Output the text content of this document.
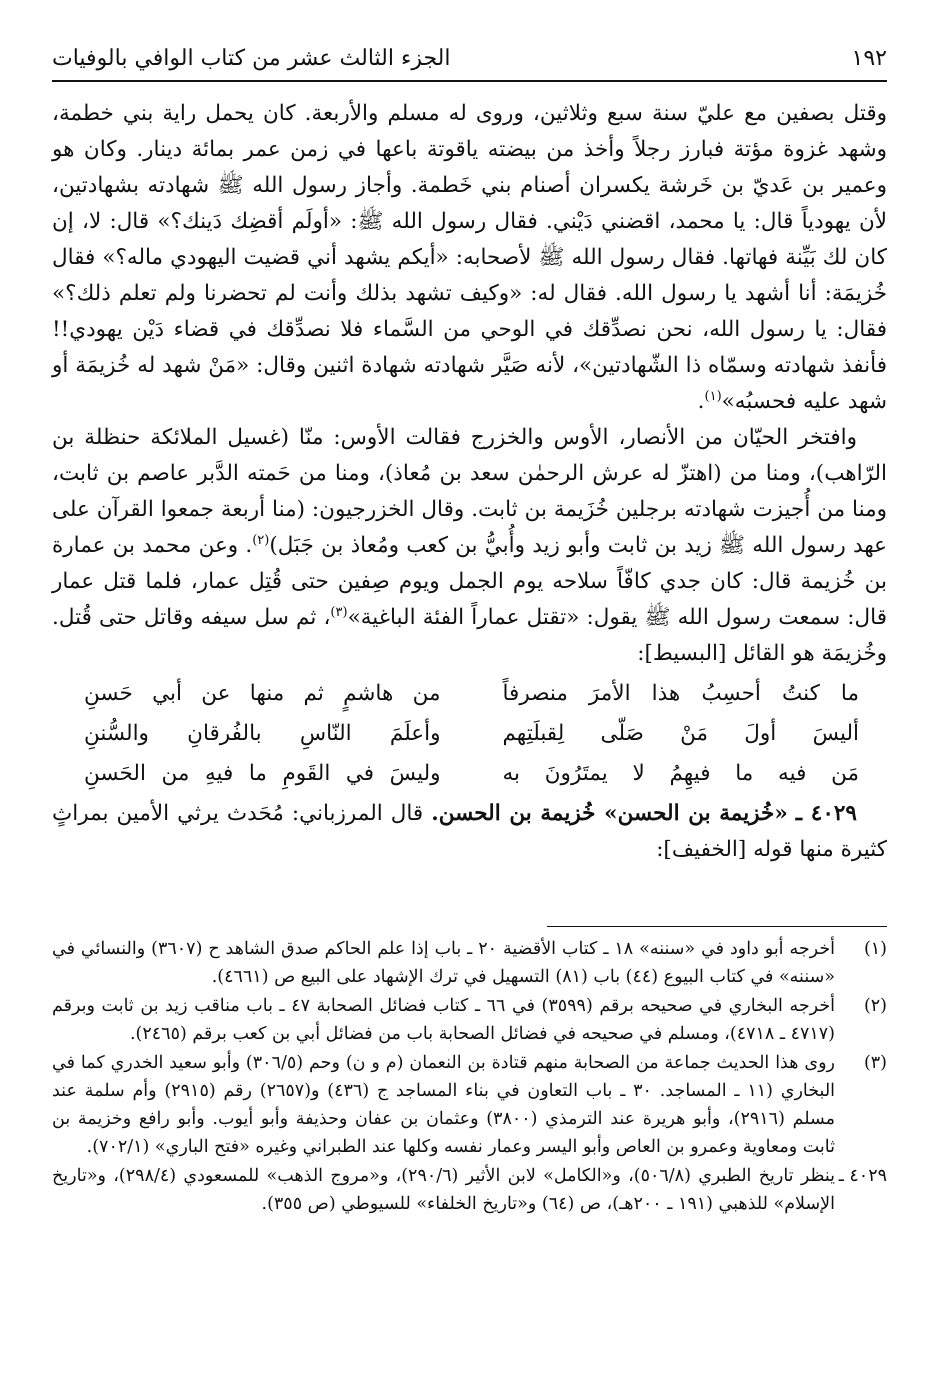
١٩٢
الجزء الثالث عشر من كتاب الوافي بالوفيات

وقتل بصفين مع عليّ سنة سبع وثلاثين، وروى له مسلم والأربعة. كان يحمل راية بني خطمة، وشهد غزوة مؤتة فبارز رجلاً وأخذ من بيضته ياقوتة باعها في زمن عمر بمائة دينار. وكان هو وعمير بن عَديّ بن خَرشة يكسران أصنام بني خَطمة. وأجاز رسول الله ﷺ شهادته بشهادتين، لأن يهودياً قال: يا محمد، اقضني دَيْني. فقال رسول الله ﷺ: «أولَم أقضِك دَينك؟» قال: لا، إن كان لك بَيِّنة فهاتها. فقال رسول الله ﷺ لأصحابه: «أيكم يشهد أني قضيت اليهودي ماله؟» فقال خُزيمَة: أنا أشهد يا رسول الله. فقال له: «وكيف تشهد بذلك وأنت لم تحضرنا ولم تعلم ذلك؟» فقال: يا رسول الله، نحن نصدِّقك في الوحي من السَّماء فلا نصدِّقك في قضاء دَيْن يهودي!! فأنفذ شهادته وسمّاه ذا الشّهادتين»، لأنه صَيَّر شهادته شهادة اثنين وقال: «مَنْ شهد له خُزيمَة أو شهد عليه فحسبُه»$^{(١)}$.

وافتخر الحيّان من الأنصار، الأوس والخزرج فقالت الأوس: منّا (غسيل الملائكة حنظلة بن الرّاهب)، ومنا من (اهتزّ له عرش الرحمٰن سعد بن مُعاذ)، ومنا من حَمته الدَّبر عاصم بن ثابت، ومنا من أُجيزت شهادته برجلين خُزَيمة بن ثابت. وقال الخزرجيون: (منا أربعة جمعوا القرآن على عهد رسول الله ﷺ زيد بن ثابت وأبو زيد وأُبيُّ بن كعب ومُعاذ بن جَبَل)$^{(٢)}$. وعن محمد بن عمارة بن خُزيمة قال: كان جدي كافّاً سلاحه يوم الجمل ويوم صِفين حتى قُتِل عمار، فلما قتل عمار قال: سمعت رسول الله ﷺ يقول: «تقتل عماراً الفئة الباغية»$^{(٣)}$، ثم سل سيفه وقاتل حتى قُتل. وخُزيمَة هو القائل [البسيط]:

ما كنتُ أحسِبُ هذا الأمرَ منصرفاً
من هاشمٍ ثم منها عن أبي حَسنِ
أليسَ أولَ مَنْ صَلّى لِقبلَتِهم
وأعلَمَ النّاسِ بالفُرقانِ والسُّننِ
مَن فيه ما فيهِمُ لا يمتَرُونَ به
وليسَ في القَومِ ما فيهِ من الحَسنِ

٤٠٢٩ ـ «خُزيمة بن الحسن» خُزيمة بن الحسن. قال المرزباني: مُحَدث يرثي الأمين بمراثٍ كثيرة منها قوله [الخفيف]:

(١)
أخرجه أبو داود في «سننه» ١٨ ـ كتاب الأقضية ٢٠ ـ باب إذا علم الحاكم صدق الشاهد ح (٣٦٠٧) والنسائي في «سننه» في كتاب البيوع (٤٤) باب (٨١) التسهيل في ترك الإشهاد على البيع ص (٤٦٦١).
(٢)
أخرجه البخاري في صحيحه برقم (٣٥٩٩) في ٦٦ ـ كتاب فضائل الصحابة ٤٧ ـ باب مناقب زيد بن ثابت وبرقم (٤٧١٧ ـ ٤٧١٨)، ومسلم في صحيحه في فضائل الصحابة باب من فضائل أبي بن كعب برقم (٢٤٦٥).
(٣)
روى هذا الحديث جماعة من الصحابة منهم قتادة بن النعمان (م و ن) وحم (٣٠٦/٥) وأبو سعيد الخدري كما في البخاري (١١ ـ المساجد. ٣٠ ـ باب التعاون في بناء المساجد ج (٤٣٦) و(٢٦٥٧) رقم (٢٩١٥) وأم سلمة عند مسلم (٢٩١٦)، وأبو هريرة عند الترمذي (٣٨٠٠) وعثمان بن عفان وحذيفة وأبو أيوب. وأبو رافع وخزيمة بن ثابت ومعاوية وعمرو بن العاص وأبو اليسر وعمار نفسه وكلها عند الطبراني وغيره «فتح الباري» (٧٠٢/١).
٤٠٢٩ ـ
ينظر تاريخ الطبري (٥٠٦/٨)، و«الكامل» لابن الأثير (٢٩٠/٦)، و«مروج الذهب» للمسعودي (٢٩٨/٤)، و«تاريخ الإسلام» للذهبي (١٩١ ـ ٢٠٠هـ)، ص (٦٤) و«تاريخ الخلفاء» للسيوطي (ص ٣٥٥).
